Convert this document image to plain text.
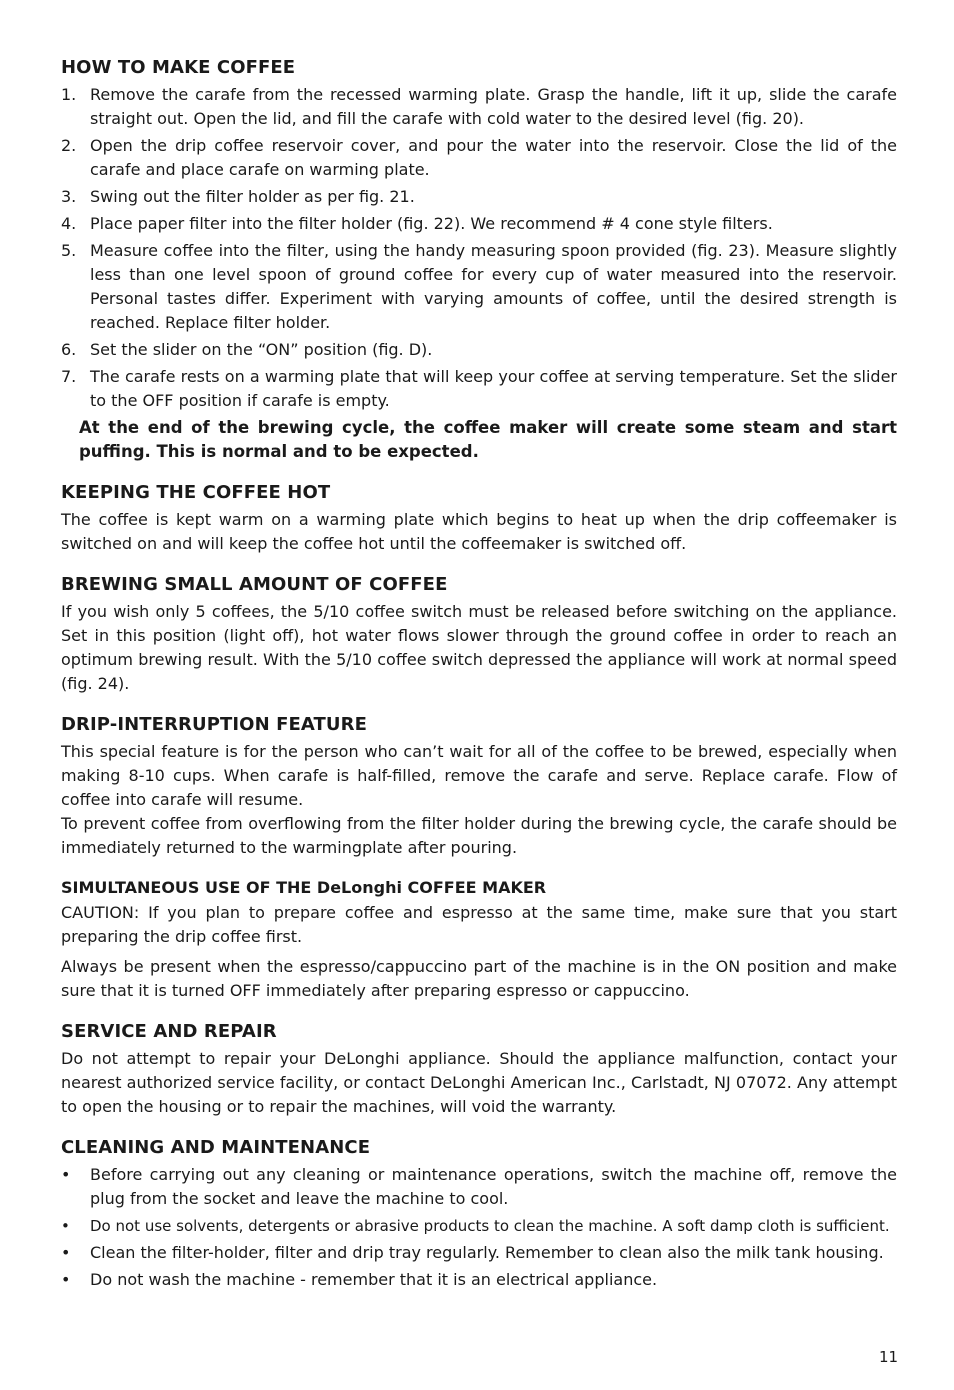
HOW TO MAKE COFFEE
1. Remove the carafe from the recessed warming plate. Grasp the handle, lift it up, slide the carafe straight out. Open the lid, and fill the carafe with cold water to the desired level (fig. 20).
2. Open the drip coffee reservoir cover, and pour the water into the reservoir. Close the lid of the carafe and place carafe on warming plate.
3. Swing out the filter holder as per fig. 21.
4. Place paper filter into the filter holder (fig. 22). We recommend # 4 cone style filters.
5. Measure coffee into the filter, using the handy measuring spoon provided (fig. 23). Measure slightly less than one level spoon of ground coffee for every cup of water measured into the reservoir. Personal tastes differ. Experiment with varying amounts of coffee, until the desired strength is reached. Replace filter holder.
6. Set the slider on the “ON” position (fig. D).
7. The carafe rests on a warming plate that will keep your coffee at serving temperature. Set the slider to the OFF position if carafe is empty.

At the end of the brewing cycle, the coffee maker will create some steam and start puffing. This is normal and to be expected.

KEEPING THE COFFEE HOT

The coffee is kept warm on a warming plate which begins to heat up when the drip coffeemaker is switched on and will keep the coffee hot until the coffeemaker is switched off.

BREWING SMALL AMOUNT OF COFFEE

If you wish only 5 coffees, the 5/10 coffee switch must be released before switching on the appliance. Set in this position (light off), hot water flows slower through the ground coffee in order to reach an optimum brewing result. With the 5/10 coffee switch depressed the appliance will work at normal speed (fig. 24).

DRIP-INTERRUPTION FEATURE

This special feature is for the person who can’t wait for all of the coffee to be brewed, especially when making 8-10 cups. When carafe is half-filled, remove the carafe and serve. Replace carafe. Flow of coffee into carafe will resume.

To prevent coffee from overflowing from the filter holder during the brewing cycle, the carafe should be immediately returned to the warmingplate after pouring.

SIMULTANEOUS USE OF THE DeLonghi COFFEE MAKER

CAUTION: If you plan to prepare coffee and espresso at the same time, make sure that you start preparing the drip coffee first.

Always be present when the espresso/cappuccino part of the machine is in the ON position and make sure that it is turned OFF immediately after preparing espresso or cappuccino.

SERVICE AND REPAIR

Do not attempt to repair your DeLonghi appliance. Should the appliance malfunction, contact your nearest authorized service facility, or contact DeLonghi American Inc., Carlstadt, NJ 07072. Any attempt to open the housing or to repair the machines, will void the warranty.

CLEANING AND MAINTENANCE
•	Before carrying out any cleaning or maintenance operations, switch the machine off, remove the plug from the socket and leave the machine to cool.
•	Do not use solvents, detergents or abrasive products to clean the machine. A soft damp cloth is sufficient.
•	Clean the filter-holder, filter and drip tray regularly. Remember to clean also the milk tank housing.
•	Do not wash the machine - remember that it is an electrical appliance.
11
